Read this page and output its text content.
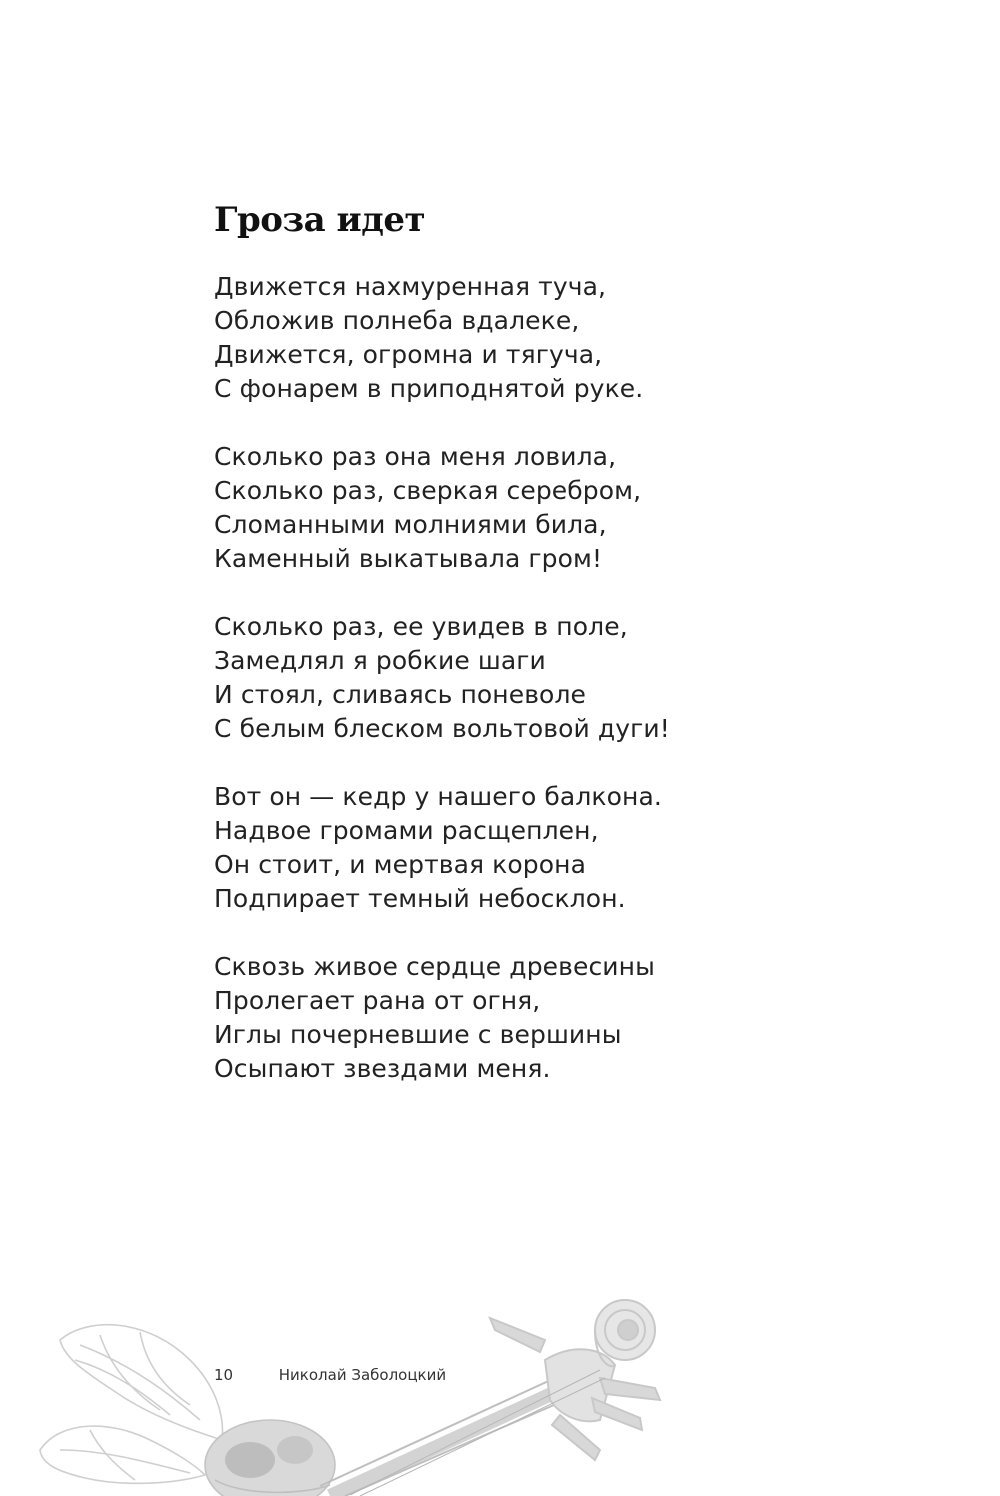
Гроза идет
Движется нахмуренная туча,
Обложив полнеба вдалеке,
Движется, огромна и тягуча,
С фонарем в приподнятой руке.
Сколько раз она меня ловила,
Сколько раз, сверкая серебром,
Сломанными молниями била,
Каменный выкатывала гром!
Сколько раз, ее увидев в поле,
Замедлял я робкие шаги
И стоял, сливаясь поневоле
С белым блеском вольтовой дуги!
Вот он — кедр у нашего балкона.
Надвое громами расщеплен,
Он стоит, и мертвая корона
Подпирает темный небосклон.
Сквозь живое сердце древесины
Пролегает рана от огня,
Иглы почерневшие с вершины
Осыпают звездами меня.
10	Николай Заболоцкий
